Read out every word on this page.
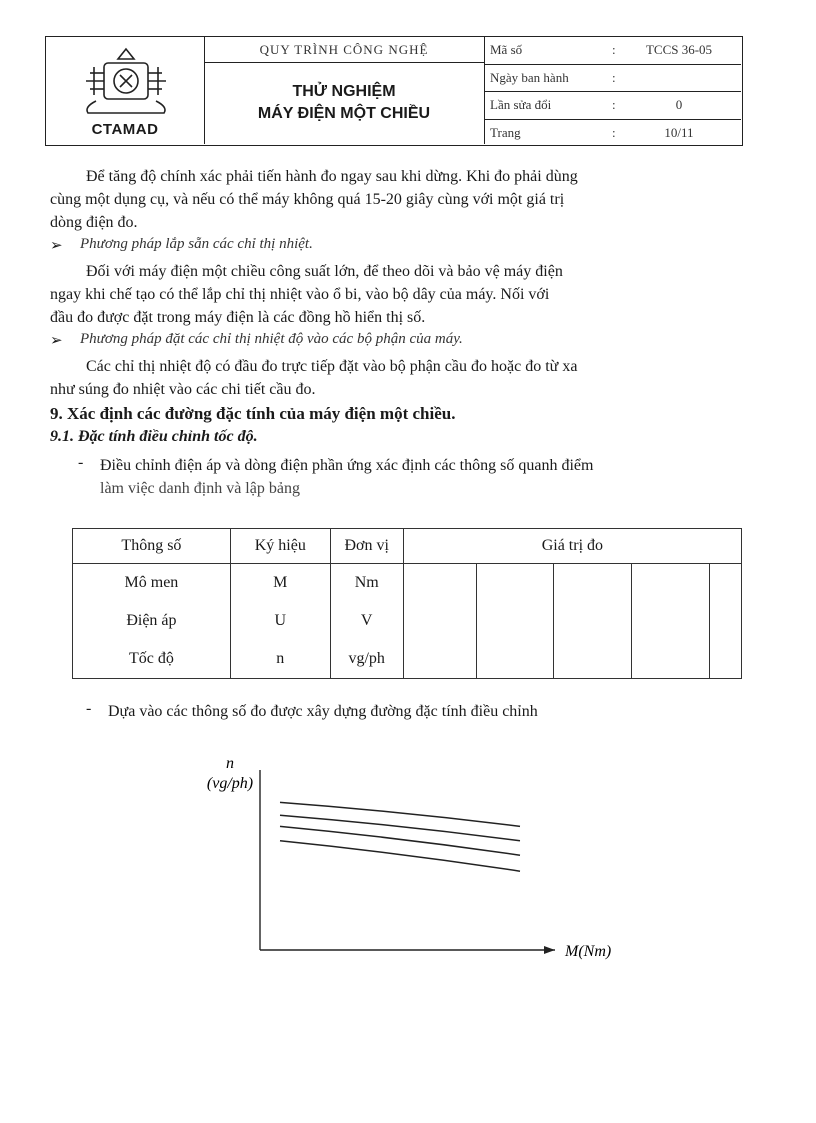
CTAMAD
QUY TRÌNH CÔNG NGHỆ
THỬ NGHIỆM
MÁY ĐIỆN MỘT CHIỀU
Mã số	:	TCCS 36-05
Ngày ban hành	:
Lần sửa đổi	:	0
Trang	:	10/11
Để tăng độ chính xác phải tiến hành đo ngay sau khi dừng. Khi đo phải dùng
cùng một dụng cụ, và nếu có thể máy không quá 15-20 giây cùng với một giá trị
dòng điện đo.
➢ Phương pháp lắp sẵn các chỉ thị nhiệt.
Đối với máy điện một chiều công suất lớn, để theo dõi và bảo vệ máy điện
ngay khi chế tạo có thể lắp chỉ thị nhiệt vào ổ bi, vào bộ dây của máy. Nối với
đầu đo được đặt trong máy điện là các đồng hồ hiển thị số.
➢ Phương pháp đặt các chỉ thị nhiệt độ vào các bộ phận của máy.
Các chỉ thị nhiệt độ có đầu đo trực tiếp đặt vào bộ phận cầu đo hoặc đo từ xa
như súng đo nhiệt vào các chi tiết cầu đo.
9. Xác định các đường đặc tính của máy điện một chiều.
9.1. Đặc tính điều chỉnh tốc độ.
- Điều chỉnh điện áp và dòng điện phần ứng xác định các thông số quanh điểm
làm việc danh định và lập bảng
Thông số	Ký hiệu	Đơn vị	Giá trị đo				
Mô men	M	Nm					
Điện áp	U	V					
Tốc độ	n	vg/ph					
- Dựa vào các thông số đo được xây dựng đường đặc tính điều chỉnh
n
(vg/ph)
M(Nm)
